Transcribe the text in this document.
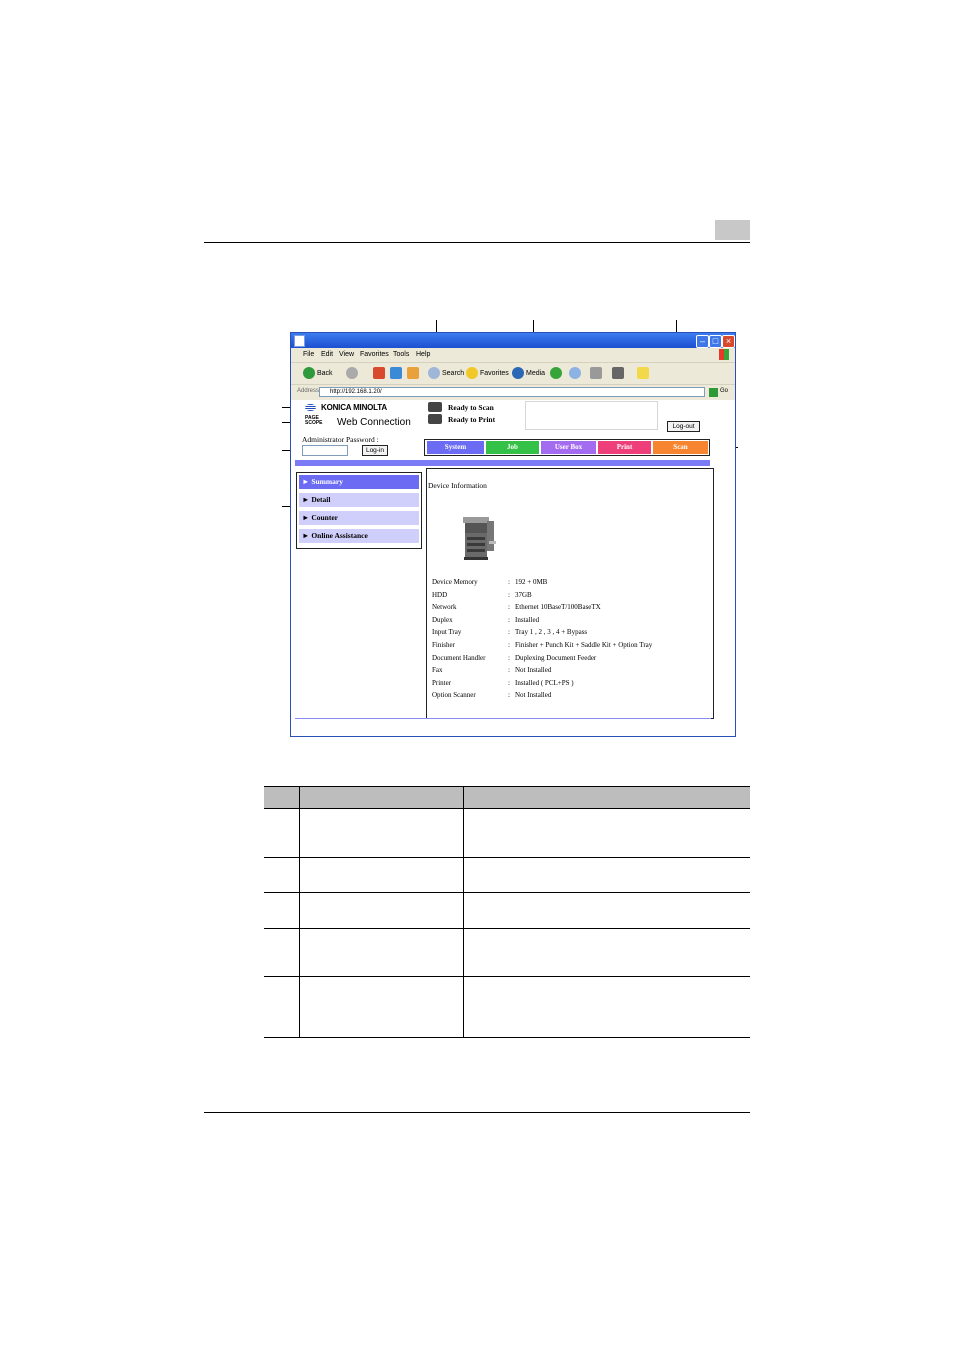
– □ ×
File Edit View Favorites Tools Help
Back	Search Favorites Media
Address	http://192.168.1.20/	Go
KONICA MINOLTA
PAGE SCOPE	Web Connection
Ready to Scan
Ready to Print
Log-out
Administrator Password :
Log-in	System	Job	User Box	Print	Scan
► Summary
► Detail
► Counter
► Online Assistance
Device Information
Device Memory	: 192 + 0MB
HDD	: 37GB
Network	: Ethernet 10BaseT/100BaseTX
Duplex	: Installed
Input Tray	: Tray 1 , 2 , 3 , 4 + Bypass
Finisher	: Finisher + Punch Kit + Saddle Kit + Option Tray
Document Handler	: Duplexing Document Feeder
Fax	: Not Installed
Printer	: Installed ( PCL+PS )
Option Scanner	: Not Installed
